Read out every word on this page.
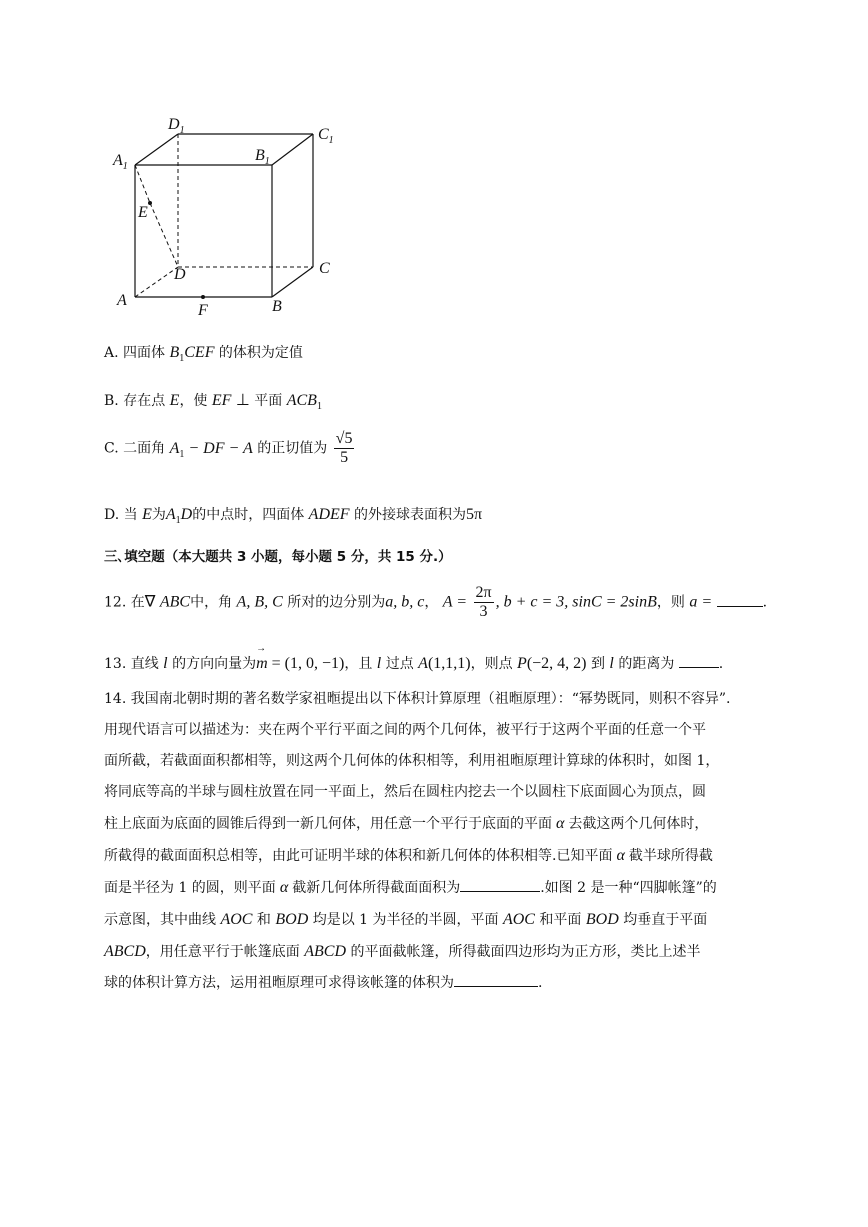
$D_1$	$C_1$
$A_1$
$B_1$
E
D	C
A
F	B
A. 四面体 $B_1CEF$ 的体积为定值
B. 存在点 E，使 EF ⊥ 平面 $ACB_1$
C. 二面角 $A_1$ − DF − A 的正切值为 $\frac{√5}{5}$
D. 当 E为$A_1D$的中点时，四面体 ADEF 的外接球表面积为5π
三､填空题（本大题共 3 小题，每小题 5 分，共 15 分.）
12. 在∇ ABC中，角 A, B, C 所对的边分别为a, b, c， $A = \frac{2\pi}{3}$ , b + c = 3, sinC = 2sinB，则 a =	.
13. 直线 l 的方向向量为m
→
= (1, 0, −1)，且 l 过点 A(1,1,1)，则点 P(−2, 4, 2) 到 l 的距离为	.
14. 我国南北朝时期的著名数学家祖暅提出以下体积计算原理（祖暅原理）：“幂势既同，则积不容异”.
用现代语言可以描述为：夹在两个平行平面之间的两个几何体，被平行于这两个平面的任意一个平
面所截，若截面面积都相等，则这两个几何体的体积相等，利用祖暅原理计算球的体积时，如图 1，
将同底等高的半球与圆柱放置在同一平面上，然后在圆柱内挖去一个以圆柱下底面圆心为顶点，圆
柱上底面为底面的圆锥后得到一新几何体，用任意一个平行于底面的平面 α 去截这两个几何体时，
所截得的截面面积总相等，由此可证明半球的体积和新几何体的体积相等.已知平面 α 截半球所得截
面是半径为 1 的圆，则平面 α 截新几何体所得截面面积为	.如图 2 是一种“四脚帐篷”的
示意图，其中曲线 AOC 和 BOD 均是以 1 为半径的半圆，平面 AOC 和平面 BOD 均垂直于平面
ABCD，用任意平行于帐篷底面 ABCD 的平面截帐篷，所得截面四边形均为正方形，类比上述半
球的体积计算方法，运用祖暅原理可求得该帐篷的体积为	.
